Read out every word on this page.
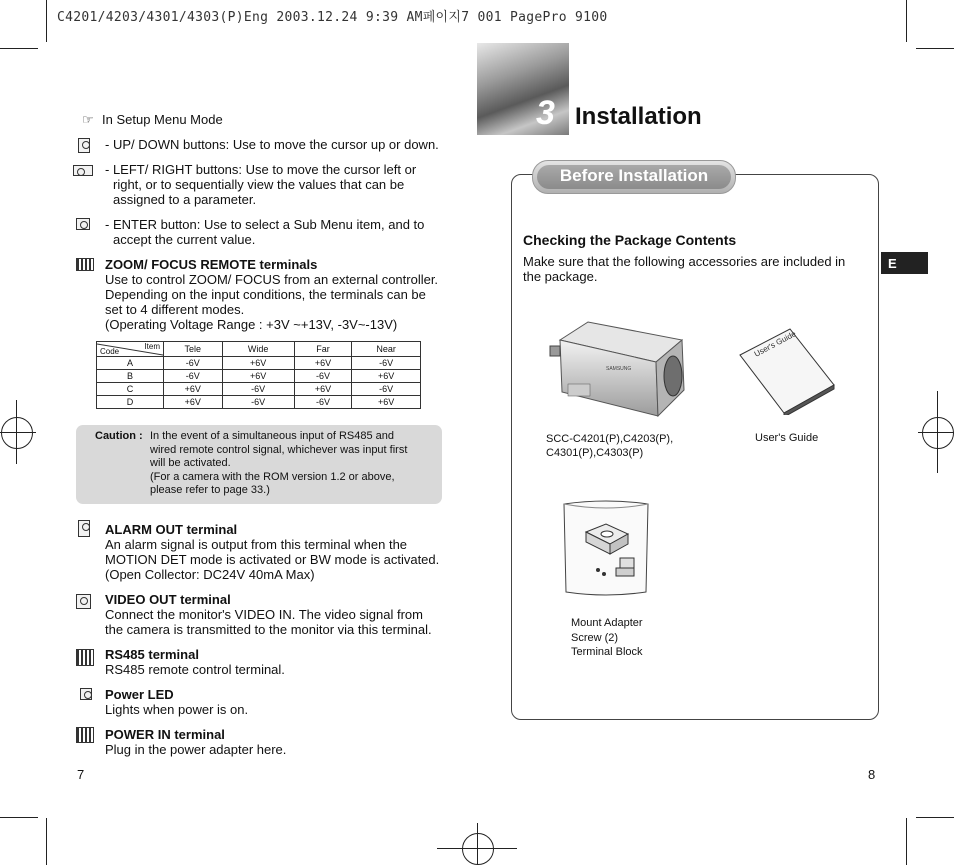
C4201/4203/4301/4303(P)Eng 2003.12.24 9:39 AM페이지7 001 PagePro 9100
☞ In Setup Menu Mode
- UP/ DOWN buttons: Use to move the cursor up or down.
- LEFT/ RIGHT buttons: Use to move the cursor left or
right, or to sequentially view the values that can be
assigned to a parameter.
- ENTER button: Use to select a Sub Menu item, and to
accept the current value.
ZOOM/ FOCUS REMOTE terminals
Use to control ZOOM/ FOCUS from an external controller.
Depending on the input conditions, the terminals can be
set to 4 different modes.
(Operating Voltage Range : +3V ~+13V, -3V~-13V)
Code
Item	Tele	Wide	Far	Near
A	-6V	+6V	+6V	-6V
B	-6V	+6V	-6V	+6V
C	+6V	-6V	+6V	-6V
D	+6V	-6V	-6V	+6V
Caution : In the event of a simultaneous input of RS485 and
wired remote control signal, whichever was input first
will be activated.
(For a camera with the ROM version 1.2 or above,
please refer to page 33.)
ALARM OUT terminal
An alarm signal is output from this terminal when the
MOTION DET mode is activated or BW mode is activated.
(Open Collector: DC24V 40mA Max)
VIDEO OUT terminal
Connect the monitor's VIDEO IN. The video signal from
the camera is transmitted to the monitor via this terminal.
RS485 terminal
RS485 remote control terminal.
Power LED
Lights when power is on.
POWER IN terminal
Plug in the power adapter here.
7
3 Installation
Before Installation
E
Checking the Package Contents
Make sure that the following accessories are included in
the package.
SAMSUNG
User's Guide
SCC-C4201(P),C4203(P),
C4301(P),C4303(P)
User's Guide
Mount Adapter
Screw (2)
Terminal Block
8
